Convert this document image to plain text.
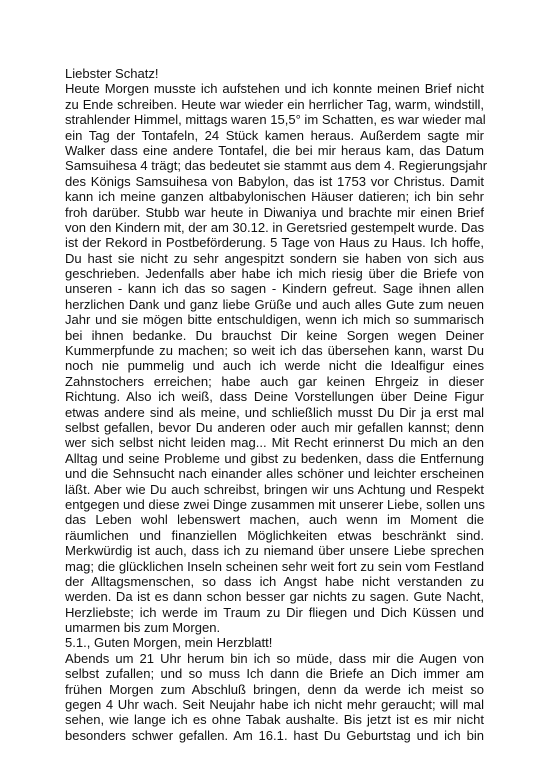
Liebster Schatz!
Heute Morgen musste ich aufstehen und ich konnte meinen Brief nicht
zu Ende schreiben. Heute war wieder ein herrlicher Tag, warm, windstill,
strahlender Himmel, mittags waren 15,5° im Schatten, es war wieder mal
ein Tag der Tontafeln, 24 Stück kamen heraus. Außerdem sagte mir
Walker dass eine andere Tontafel, die bei mir heraus kam, das Datum
Samsuihesa 4 trägt; das bedeutet sie stammt aus dem 4. Regierungsjahr
des Königs Samsuihesa von Babylon, das ist 1753 vor Christus. Damit
kann ich meine ganzen altbabylonischen Häuser datieren; ich bin sehr
froh darüber. Stubb war heute in Diwaniya und brachte mir einen Brief
von den Kindern mit, der am 30.12. in Geretsried gestempelt wurde. Das
ist der Rekord in Postbeförderung. 5 Tage von Haus zu Haus. Ich hoffe,
Du hast sie nicht zu sehr angespitzt sondern sie haben von sich aus
geschrieben. Jedenfalls aber habe ich mich riesig über die Briefe von
unseren - kann ich das so sagen - Kindern gefreut. Sage ihnen allen
herzlichen Dank und ganz liebe Grüße und auch alles Gute zum neuen
Jahr und sie mögen bitte entschuldigen, wenn ich mich so summarisch
bei ihnen bedanke. Du brauchst Dir keine Sorgen wegen Deiner
Kummerpfunde zu machen; so weit ich das übersehen kann, warst Du
noch nie pummelig und auch ich werde nicht die Idealfigur eines
Zahnstochers erreichen; habe auch gar keinen Ehrgeiz in dieser
Richtung. Also ich weiß, dass Deine Vorstellungen über Deine Figur
etwas andere sind als meine, und schließlich musst Du Dir ja erst mal
selbst gefallen, bevor Du anderen oder auch mir gefallen kannst; denn
wer sich selbst nicht leiden mag... Mit Recht erinnerst Du mich an den
Alltag und seine Probleme und gibst zu bedenken, dass die Entfernung
und die Sehnsucht nach einander alles schöner und leichter erscheinen
läßt. Aber wie Du auch schreibst, bringen wir uns Achtung und Respekt
entgegen und diese zwei Dinge zusammen mit unserer Liebe, sollen uns
das Leben wohl lebenswert machen, auch wenn im Moment die
räumlichen und finanziellen Möglichkeiten etwas beschränkt sind.
Merkwürdig ist auch, dass ich zu niemand über unsere Liebe sprechen
mag; die glücklichen Inseln scheinen sehr weit fort zu sein vom Festland
der Alltagsmenschen, so dass ich Angst habe nicht verstanden zu
werden. Da ist es dann schon besser gar nichts zu sagen. Gute Nacht,
Herzliebste; ich werde im Traum zu Dir fliegen und Dich Küssen und
umarmen bis zum Morgen.
5.1., Guten Morgen, mein Herzblatt!
Abends um 21 Uhr herum bin ich so müde, dass mir die Augen von
selbst zufallen; und so muss Ich dann die Briefe an Dich immer am
frühen Morgen zum Abschluß bringen, denn da werde ich meist so
gegen 4 Uhr wach. Seit Neujahr habe ich nicht mehr geraucht; will mal
sehen, wie lange ich es ohne Tabak aushalte. Bis jetzt ist es mir nicht
besonders schwer gefallen. Am 16.1. hast Du Geburtstag und ich bin
